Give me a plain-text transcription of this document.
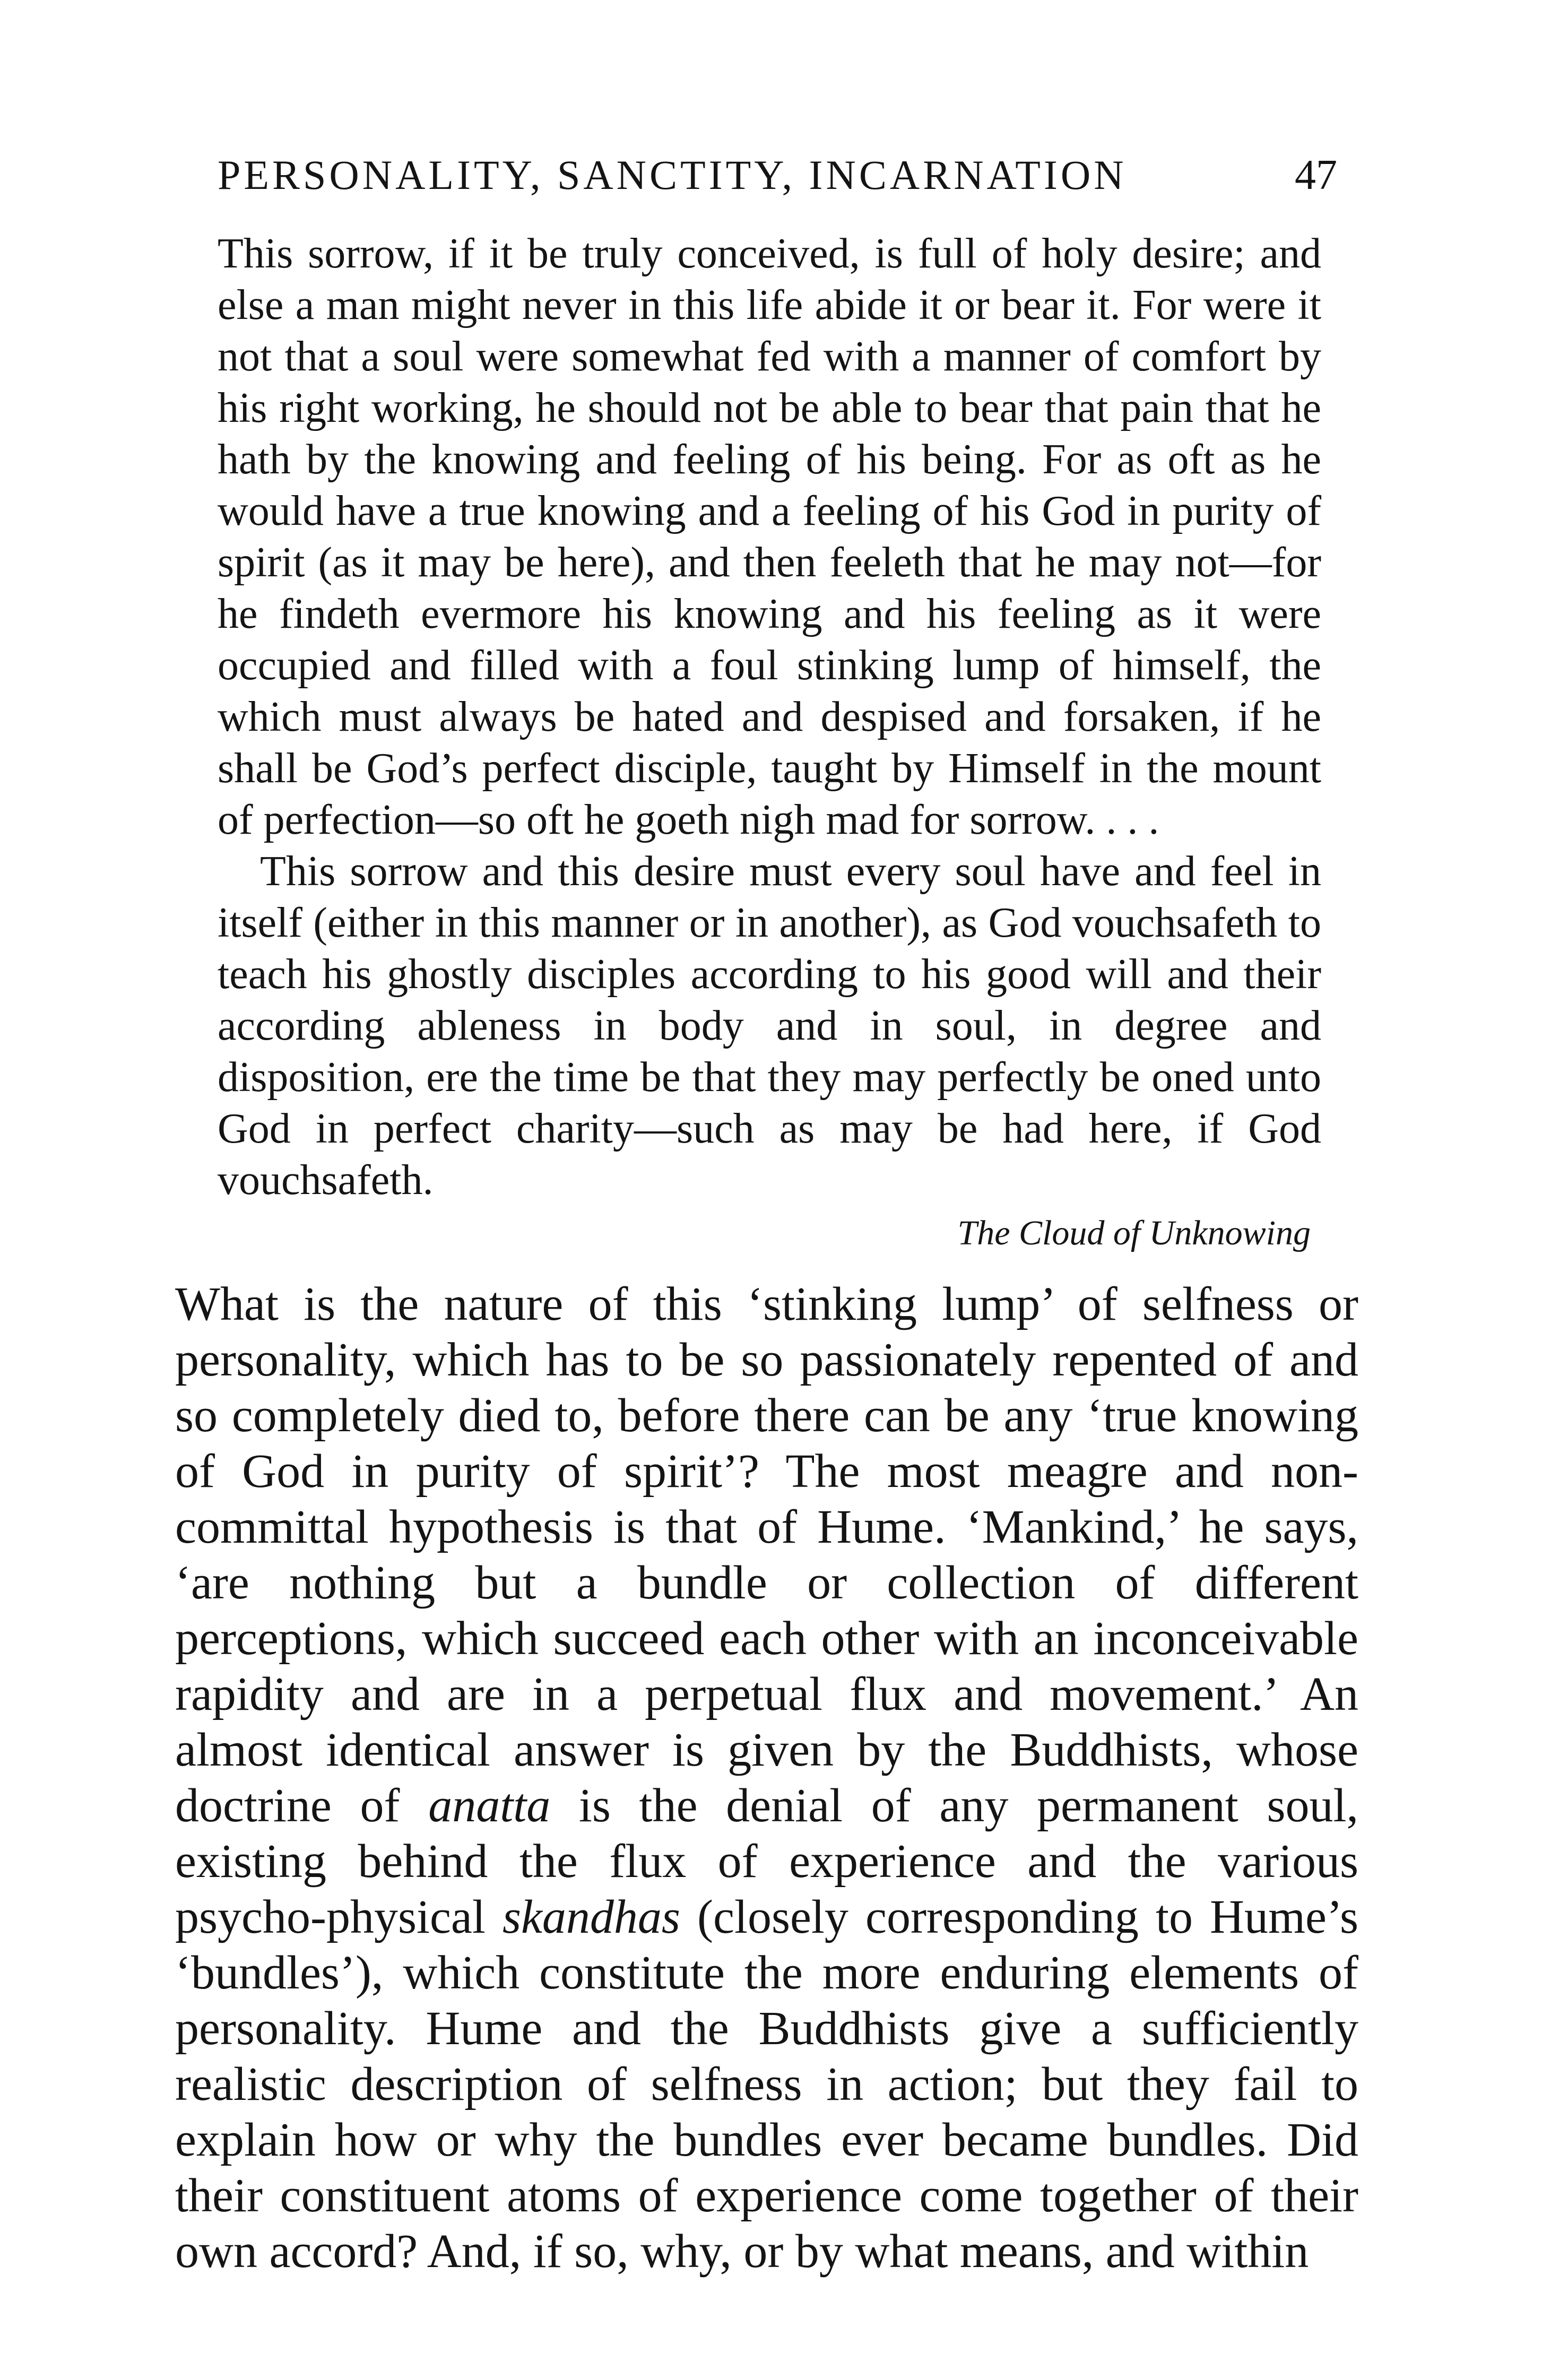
PERSONALITY, SANCTITY, INCARNATION	47

This sorrow, if it be truly conceived, is full of holy desire; and else a man might never in this life abide it or bear it. For were it not that a soul were somewhat fed with a manner of comfort by his right working, he should not be able to bear that pain that he hath by the knowing and feeling of his being. For as oft as he would have a true knowing and a feeling of his God in purity of spirit (as it may be here), and then feeleth that he may not—for he findeth evermore his knowing and his feeling as it were occupied and filled with a foul stinking lump of himself, the which must always be hated and despised and forsaken, if he shall be God’s perfect disciple, taught by Himself in the mount of perfection—so oft he goeth nigh mad for sorrow. . . .

This sorrow and this desire must every soul have and feel in itself (either in this manner or in another), as God vouchsafeth to teach his ghostly disciples according to his good will and their according ableness in body and in soul, in degree and disposition, ere the time be that they may perfectly be oned unto God in perfect charity—such as may be had here, if God vouchsafeth.

The Cloud of Unknowing

What is the nature of this ‘stinking lump’ of selfness or personality, which has to be so passionately repented of and so completely died to, before there can be any ‘true knowing of God in purity of spirit’? The most meagre and non-committal hypothesis is that of Hume. ‘Mankind,’ he says, ‘are nothing but a bundle or collection of different perceptions, which succeed each other with an inconceivable rapidity and are in a perpetual flux and movement.’ An almost identical answer is given by the Buddhists, whose doctrine of anatta is the denial of any permanent soul, existing behind the flux of experience and the various psycho-physical skandhas (closely corresponding to Hume’s ‘bundles’), which constitute the more enduring elements of personality. Hume and the Buddhists give a sufficiently realistic description of selfness in action; but they fail to explain how or why the bundles ever became bundles. Did their constituent atoms of experience come together of their own accord? And, if so, why, or by what means, and within
